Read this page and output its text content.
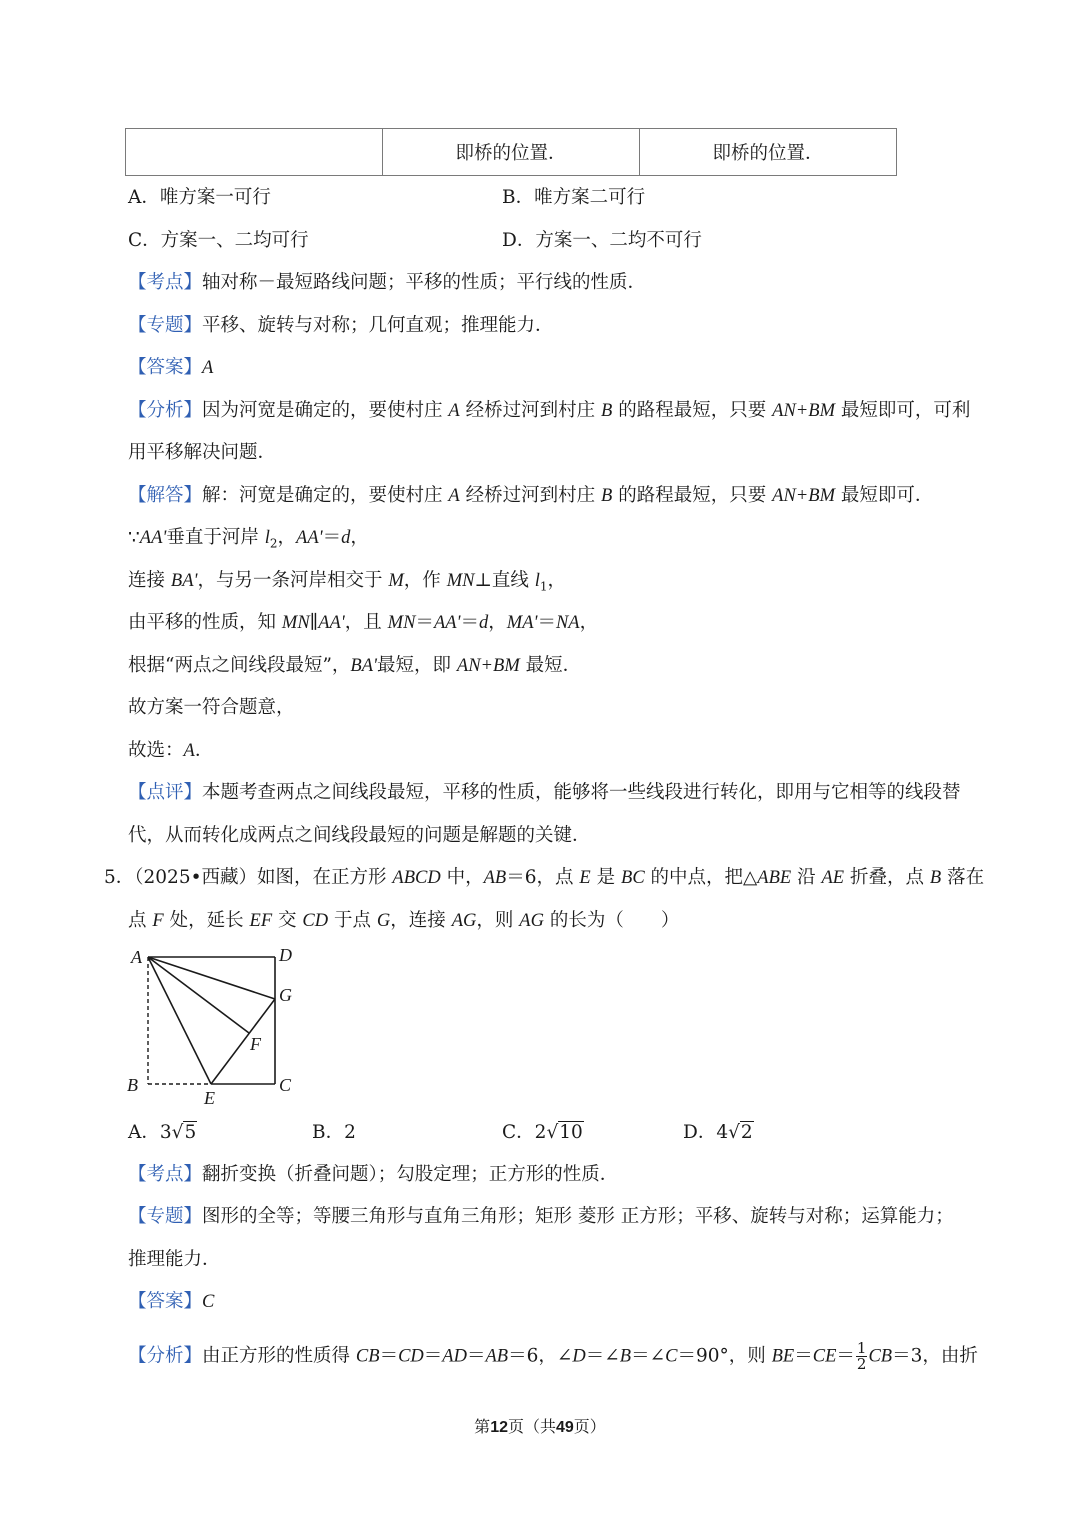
	即桥的位置．	即桥的位置．
A．唯方案一可行	B．唯方案二可行
C．方案一、二均可行	D．方案一、二均不可行
【考点】轴对称－最短路线问题；平移的性质；平行线的性质．
【专题】平移、旋转与对称；几何直观；推理能力．
【答案】A
【分析】因为河宽是确定的，要使村庄 A 经桥过河到村庄 B 的路程最短，只要 AN+BM 最短即可，可利
用平移解决问题．
【解答】解：河宽是确定的，要使村庄 A 经桥过河到村庄 B 的路程最短，只要 AN+BM 最短即可．
∵AA'垂直于河岸 $l_2$，AA'＝d，
连接 BA'，与另一条河岸相交于 M，作 MN⊥直线 $l_1$，
由平移的性质，知 MN∥AA'，且 MN＝AA'＝d，MA'＝NA，
根据“两点之间线段最短”，BA'最短，即 AN+BM 最短．
故方案一符合题意，
故选：A．
【点评】本题考查两点之间线段最短，平移的性质，能够将一些线段进行转化，即用与它相等的线段替
代，从而转化成两点之间线段最短的问题是解题的关键．
5．（2025•西藏）如图，在正方形 ABCD 中，AB＝6，点 E 是 BC 的中点，把△ABE 沿 AE 折叠，点 B 落在
点 F 处，延长 EF 交 CD 于点 G，连接 AG，则 AG 的长为（　　）
A	D
G
F
B	C
E
A．3√5	B．2	C．2√10	D．4√2
【考点】翻折变换（折叠问题）；勾股定理；正方形的性质．
【专题】图形的全等；等腰三角形与直角三角形；矩形 菱形 正方形；平移、旋转与对称；运算能力；
推理能力．
【答案】C
【分析】由正方形的性质得 CB＝CD＝AD＝AB＝6，∠D＝∠B＝∠C＝90°，则 $BE=CE= \frac{1}{2} CB=3$，由折
第12页（共49页）
